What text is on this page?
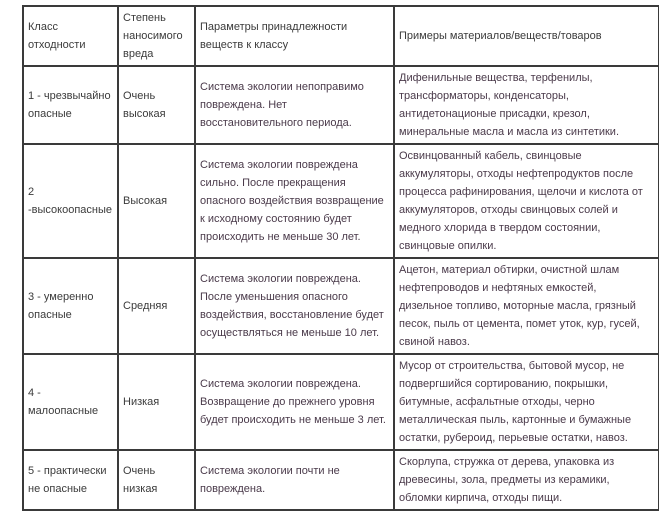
Класс отходности	Степень наносимого вреда	Параметры принадлежности веществ к классу	Примеры материалов/веществ/товаров
1 - чрезвычайно опасные	Очень высокая	Система экологии непоправимо повреждена. Нет восстановительного периода.	Дифенильные вещества, терфенилы, трансформаторы, конденсаторы, антидетонационые присадки, крезол, минеральные масла и масла из синтетики.
2 -высокоопасные	Высокая	Система экологии повреждена сильно. После прекращения опасного воздействия возвращение к исходному состоянию будет происходить не меньше 30 лет.	Освинцованный кабель, свинцовые аккумуляторы, отходы нефтепродуктов после процесса рафинирования, щелочи и кислота от аккумуляторов, отходы свинцовых солей и медного хлорида в твердом состоянии, свинцовые опилки.
3 - умеренно опасные	Средняя	Система экологии повреждена. После уменьшения опасного воздействия, восстановление будет осуществляться не меньше 10 лет.	Ацетон, материал обтирки, очистной шлам нефтепроводов и нефтяных емкостей, дизельное топливо, моторные масла, грязный песок, пыль от цемента, помет уток, кур, гусей, свиной навоз.
4 - малоопасные	Низкая	Система экологии повреждена. Возвращение до прежнего уровня будет происходить не меньше 3 лет.	Мусор от строительства, бытовой мусор, не подвергшийся сортированию, покрышки, битумные, асфальтные отходы, черно металлическая пыль, картонные и бумажные остатки, рубероид, перьевые остатки, навоз.
5 - практически не опасные	Очень низкая	Система экологии почти не повреждена.	Скорлупа, стружка от дерева, упаковка из древесины, зола, предметы из керамики, обломки кирпича, отходы пищи.
